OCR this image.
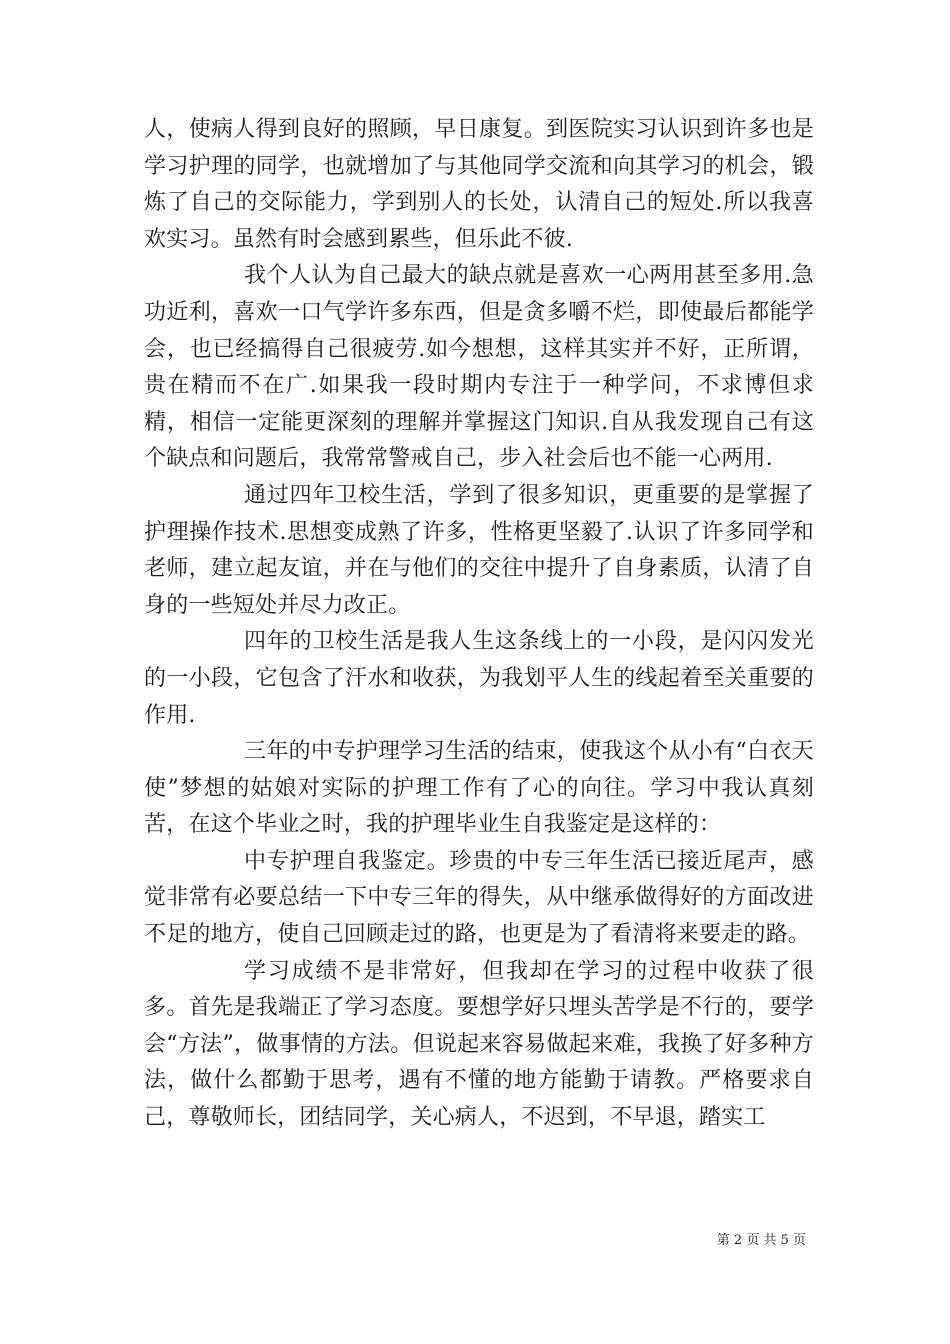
人，使病人得到良好的照顾，早日康复。到医院实习认识到许多也是学习护理的同学，也就增加了与其他同学交流和向其学习的机会，锻炼了自己的交际能力，学到别人的长处，认清自己的短处.所以我喜欢实习。虽然有时会感到累些，但乐此不彼.

我个人认为自己最大的缺点就是喜欢一心两用甚至多用.急功近利，喜欢一口气学许多东西，但是贪多嚼不烂，即使最后都能学会，也已经搞得自己很疲劳.如今想想，这样其实并不好，正所谓，贵在精而不在广.如果我一段时期内专注于一种学问，不求博但求精，相信一定能更深刻的理解并掌握这门知识.自从我发现自己有这个缺点和问题后，我常常警戒自己，步入社会后也不能一心两用.

通过四年卫校生活，学到了很多知识，更重要的是掌握了护理操作技术.思想变成熟了许多，性格更坚毅了.认识了许多同学和老师，建立起友谊，并在与他们的交往中提升了自身素质，认清了自身的一些短处并尽力改正。

四年的卫校生活是我人生这条线上的一小段，是闪闪发光的一小段，它包含了汗水和收获，为我划平人生的线起着至关重要的作用.

三年的中专护理学习生活的结束，使我这个从小有“白衣天使”梦想的姑娘对实际的护理工作有了心的向往。学习中我认真刻苦，在这个毕业之时，我的护理毕业生自我鉴定是这样的：

中专护理自我鉴定。珍贵的中专三年生活已接近尾声，感觉非常有必要总结一下中专三年的得失，从中继承做得好的方面改进不足的地方，使自己回顾走过的路，也更是为了看清将来要走的路。

学习成绩不是非常好，但我却在学习的过程中收获了很多。首先是我端正了学习态度。要想学好只埋头苦学是不行的，要学会“方法”，做事情的方法。但说起来容易做起来难，我换了好多种方法，做什么都勤于思考，遇有不懂的地方能勤于请教。严格要求自己，尊敬师长，团结同学，关心病人，不迟到，不早退，踏实工

第 2 页 共 5 页
